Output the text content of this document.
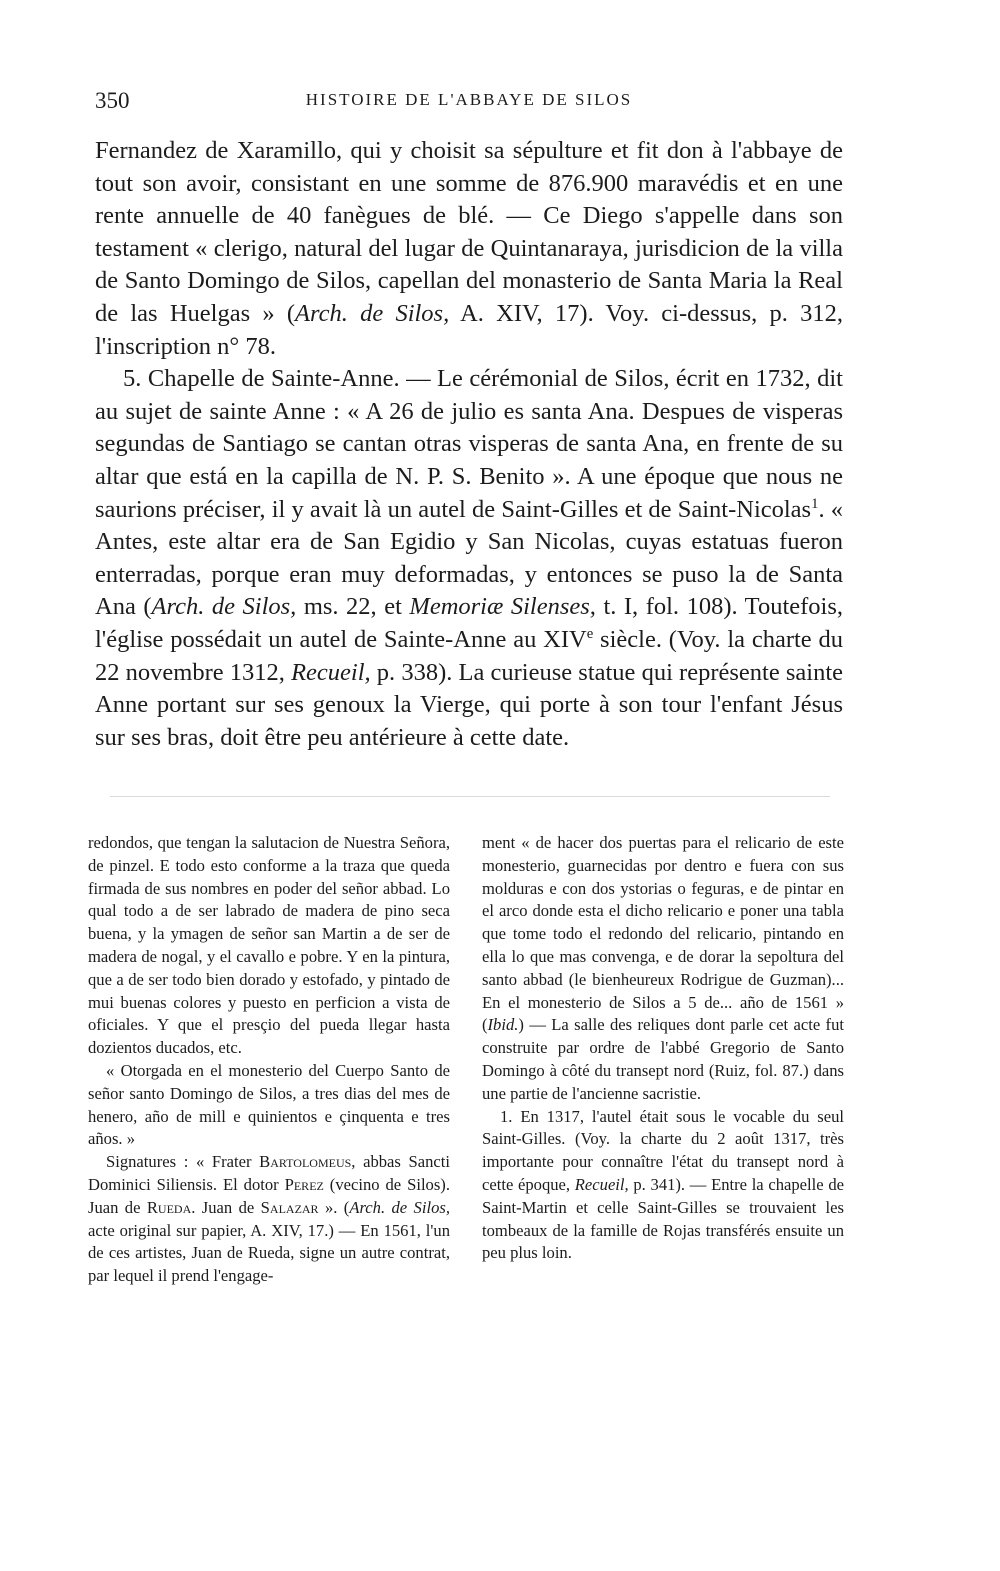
350	HISTOIRE DE L'ABBAYE DE SILOS

Fernandez de Xaramillo, qui y choisit sa sépulture et fit don à l'abbaye de tout son avoir, consistant en une somme de 876.900 maravédis et en une rente annuelle de 40 fanègues de blé. — Ce Diego s'appelle dans son testament « clerigo, natural del lugar de Quintanaraya, jurisdicion de la villa de Santo Domingo de Silos, capellan del monasterio de Santa Maria la Real de las Huelgas » (Arch. de Silos, A. XIV, 17). Voy. ci-dessus, p. 312, l'inscription n° 78.

5. Chapelle de Sainte-Anne. — Le cérémonial de Silos, écrit en 1732, dit au sujet de sainte Anne : « A 26 de julio es santa Ana. Despues de visperas segundas de Santiago se cantan otras visperas de santa Ana, en frente de su altar que está en la capilla de N. P. S. Benito ». A une époque que nous ne saurions préciser, il y avait là un autel de Saint-Gilles et de Saint-Nicolas$^1$. « Antes, este altar era de San Egidio y San Nicolas, cuyas estatuas fueron enterradas, porque eran muy deformadas, y entonces se puso la de Santa Ana (Arch. de Silos, ms. 22, et Memoriæ Silenses, t. I, fol. 108). Toutefois, l'église possédait un autel de Sainte-Anne au XIVe siècle. (Voy. la charte du 22 novembre 1312, Recueil, p. 338). La curieuse statue qui représente sainte Anne portant sur ses genoux la Vierge, qui porte à son tour l'enfant Jésus sur ses bras, doit être peu antérieure à cette date.

redondos, que tengan la salutacion de Nuestra Señora, de pinzel. E todo esto conforme a la traza que queda firmada de sus nombres en poder del señor abbad. Lo qual todo a de ser labrado de madera de pino seca buena, y la ymagen de señor san Martin a de ser de madera de nogal, y el cavallo e pobre. Y en la pintura, que a de ser todo bien dorado y estofado, y pintado de mui buenas colores y puesto en perficion a vista de oficiales. Y que el presçio del pueda llegar hasta dozientos ducados, etc.

« Otorgada en el monesterio del Cuerpo Santo de señor santo Domingo de Silos, a tres dias del mes de henero, año de mill e quinientos e çinquenta e tres años. »

Signatures : « Frater Bartolomeus, abbas Sancti Dominici Siliensis. El dotor Perez (vecino de Silos). Juan de Rueda. Juan de Salazar ». (Arch. de Silos, acte original sur papier, A. XIV, 17.) — En 1561, l'un de ces artistes, Juan de Rueda, signe un autre contrat, par lequel il prend l'engage-

ment « de hacer dos puertas para el relicario de este monesterio, guarnecidas por dentro e fuera con sus molduras e con dos ystorias o feguras, e de pintar en el arco donde esta el dicho relicario e poner una tabla que tome todo el redondo del relicario, pintando en ella lo que mas convenga, e de dorar la sepoltura del santo abbad (le bienheureux Rodrigue de Guzman)... En el monesterio de Silos a 5 de... año de 1561 » (Ibid.) — La salle des reliques dont parle cet acte fut construite par ordre de l'abbé Gregorio de Santo Domingo à côté du transept nord (Ruiz, fol. 87.) dans une partie de l'ancienne sacristie.

1. En 1317, l'autel était sous le vocable du seul Saint-Gilles. (Voy. la charte du 2 août 1317, très importante pour connaître l'état du transept nord à cette époque, Recueil, p. 341). — Entre la chapelle de Saint-Martin et celle Saint-Gilles se trouvaient les tombeaux de la famille de Rojas transférés ensuite un peu plus loin.
